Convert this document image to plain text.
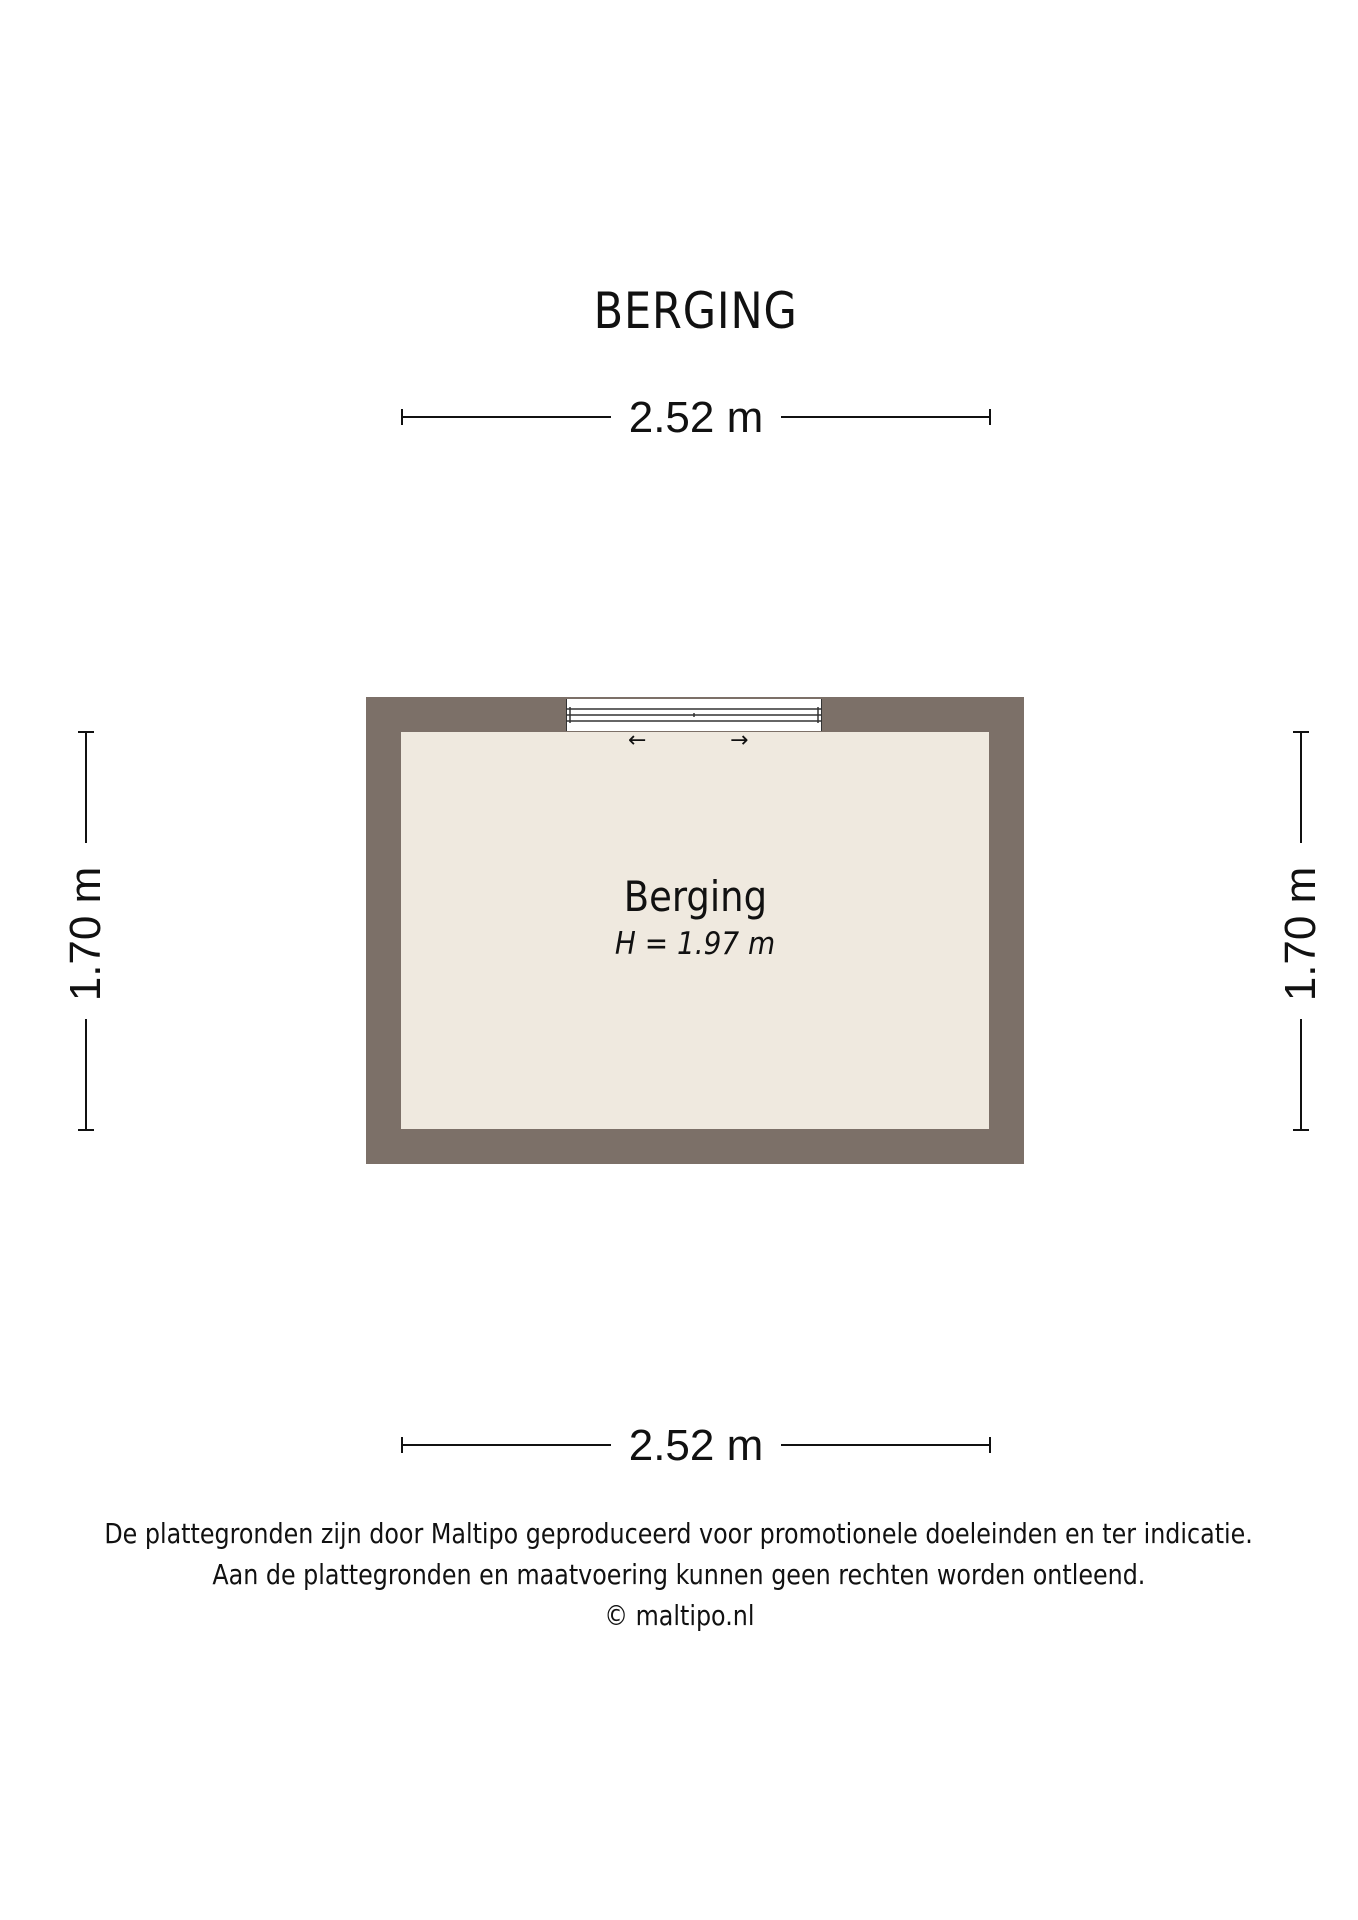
BERGING
2.52 m
1.70 m	1.70 m
←	→
Berging
H = 1.97 m
2.52 m
De plattegronden zijn door Maltipo geproduceerd voor promotionele doeleinden en ter indicatie.
Aan de plattegronden en maatvoering kunnen geen rechten worden ontleend.
© maltipo.nl
